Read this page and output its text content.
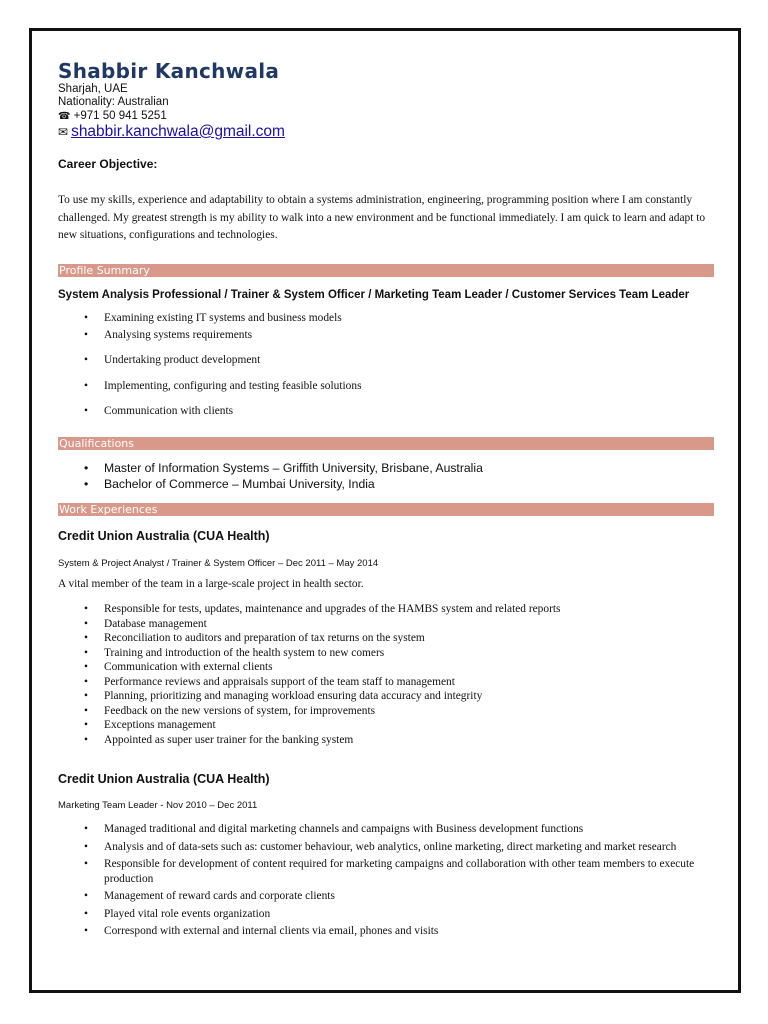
Shabbir Kanchwala
Sharjah, UAE
Nationality: Australian
☎ +971 50 941 5251
✉ shabbir.kanchwala@gmail.com
Career Objective:
To use my skills, experience and adaptability to obtain a systems administration, engineering, programming position where I am constantly challenged. My greatest strength is my ability to walk into a new environment and be functional immediately. I am quick to learn and adapt to new situations, configurations and technologies.
Profile Summary
System Analysis Professional / Trainer & System Officer / Marketing Team Leader / Customer Services Team Leader
• Examining existing IT systems and business models
• Analysing systems requirements
• Undertaking product development
• Implementing, configuring and testing feasible solutions
• Communication with clients
Qualifications
• Master of Information Systems – Griffith University, Brisbane, Australia
• Bachelor of Commerce – Mumbai University, India
Work Experiences
Credit Union Australia (CUA Health)
System & Project Analyst / Trainer & System Officer – Dec 2011 – May 2014
A vital member of the team in a large-scale project in health sector.
• Responsible for tests, updates, maintenance and upgrades of the HAMBS system and related reports
• Database management
• Reconciliation to auditors and preparation of tax returns on the system
• Training and introduction of the health system to new comers
• Communication with external clients
• Performance reviews and appraisals support of the team staff to management
• Planning, prioritizing and managing workload ensuring data accuracy and integrity
• Feedback on the new versions of system, for improvements
• Exceptions management
• Appointed as super user trainer for the banking system
Credit Union Australia (CUA Health)
Marketing Team Leader - Nov 2010 – Dec 2011
• Managed traditional and digital marketing channels and campaigns with Business development functions
• Analysis and of data-sets such as: customer behaviour, web analytics, online marketing, direct marketing and market research
• Responsible for development of content required for marketing campaigns and collaboration with other team members to execute production
• Management of reward cards and corporate clients
• Played vital role events organization
• Correspond with external and internal clients via email, phones and visits
